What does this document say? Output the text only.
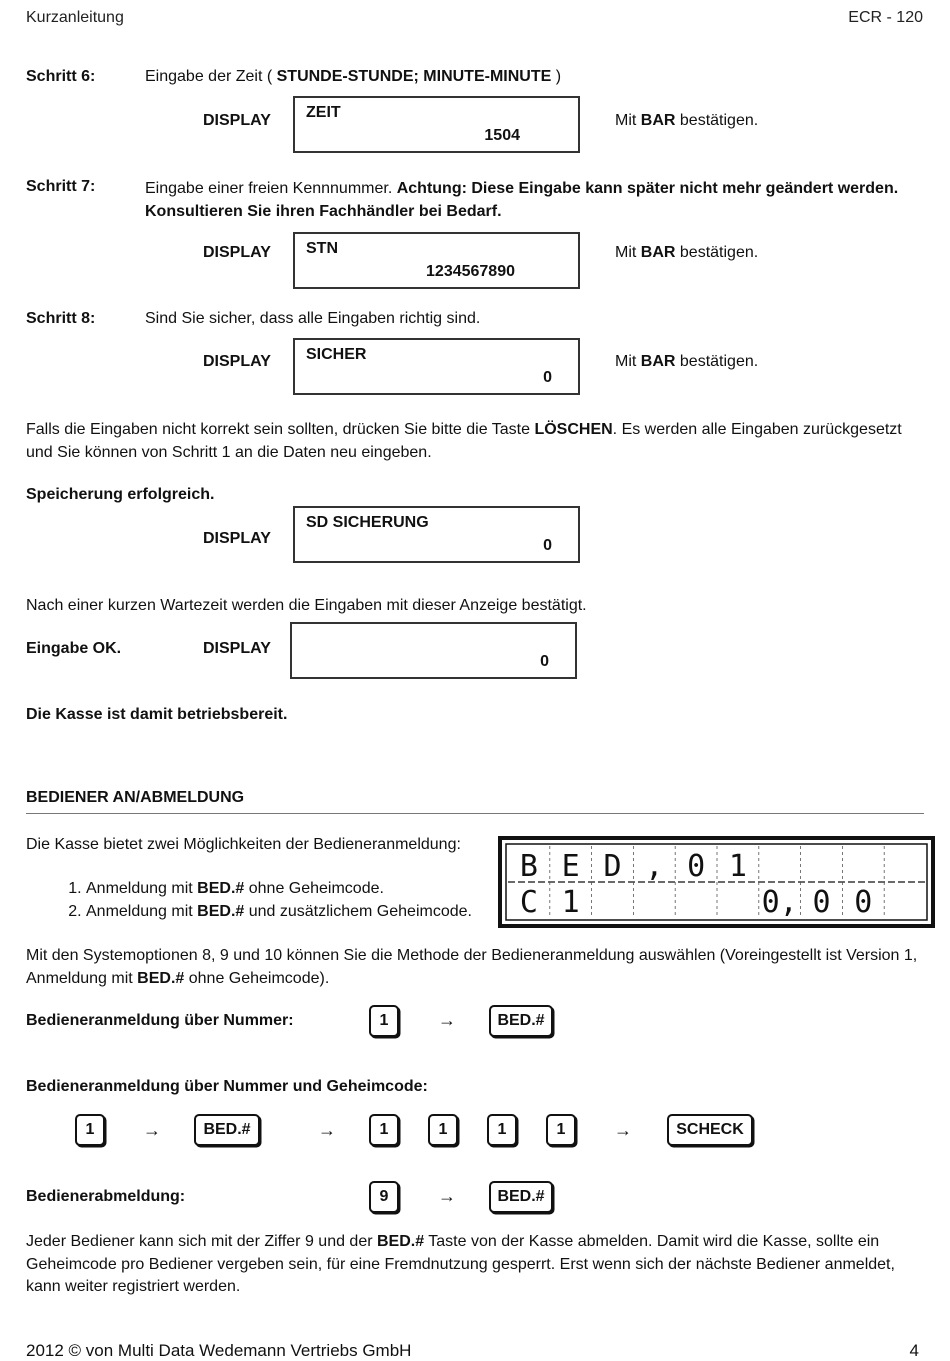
Kurzanleitung	ECR - 120
Schritt 6:	Eingabe der Zeit ( STUNDE-STUNDE; MINUTE-MINUTE )
DISPLAY ZEIT
1504
Mit BAR bestätigen.
Schritt 7:	Eingabe einer freien Kennnummer. Achtung: Diese Eingabe kann später nicht mehr geändert werden. Konsultieren Sie ihren Fachhändler bei Bedarf.
DISPLAY STN
1234567890
Mit BAR bestätigen.
Schritt 8:	Sind Sie sicher, dass alle Eingaben richtig sind.
DISPLAY SICHER
0
Mit BAR bestätigen.
Falls die Eingaben nicht korrekt sein sollten, drücken Sie bitte die Taste LÖSCHEN. Es werden alle Eingaben zurückgesetzt und Sie können von Schritt 1 an die Daten neu eingeben.
Speicherung erfolgreich.
DISPLAY
SD SICHERUNG
0
Nach einer kurzen Wartezeit werden die Eingaben mit dieser Anzeige bestätigt.
Eingabe OK.	DISPLAY
0
Die Kasse ist damit betriebsbereit.
BEDIENER AN/ABMELDUNG
Die Kasse bietet zwei Möglichkeiten der Bedieneranmeldung:
1. Anmeldung mit BED.# ohne Geheimcode.
2. Anmeldung mit BED.# und zusätzlichem Geheimcode.
B E D , 0 1
C 1	0, 0 0
Mit den Systemoptionen 8, 9 und 10 können Sie die Methode der Bedieneranmeldung auswählen (Voreingestellt ist Version 1, Anmeldung mit BED.# ohne Geheimcode).
Bedieneranmeldung über Nummer:	1	→	BED.#
Bedieneranmeldung über Nummer und Geheimcode:
1	→	BED.#	→	1	1	1	1	→	SCHECK
Bedienerabmeldung:	9	→	BED.#
Jeder Bediener kann sich mit der Ziffer 9 und der BED.# Taste von der Kasse abmelden. Damit wird die Kasse, sollte ein Geheimcode pro Bediener vergeben sein, für eine Fremdnutzung gesperrt. Erst wenn sich der nächste Bediener anmeldet, kann weiter registriert werden.
2012 © von Multi Data Wedemann Vertriebs GmbH	4
